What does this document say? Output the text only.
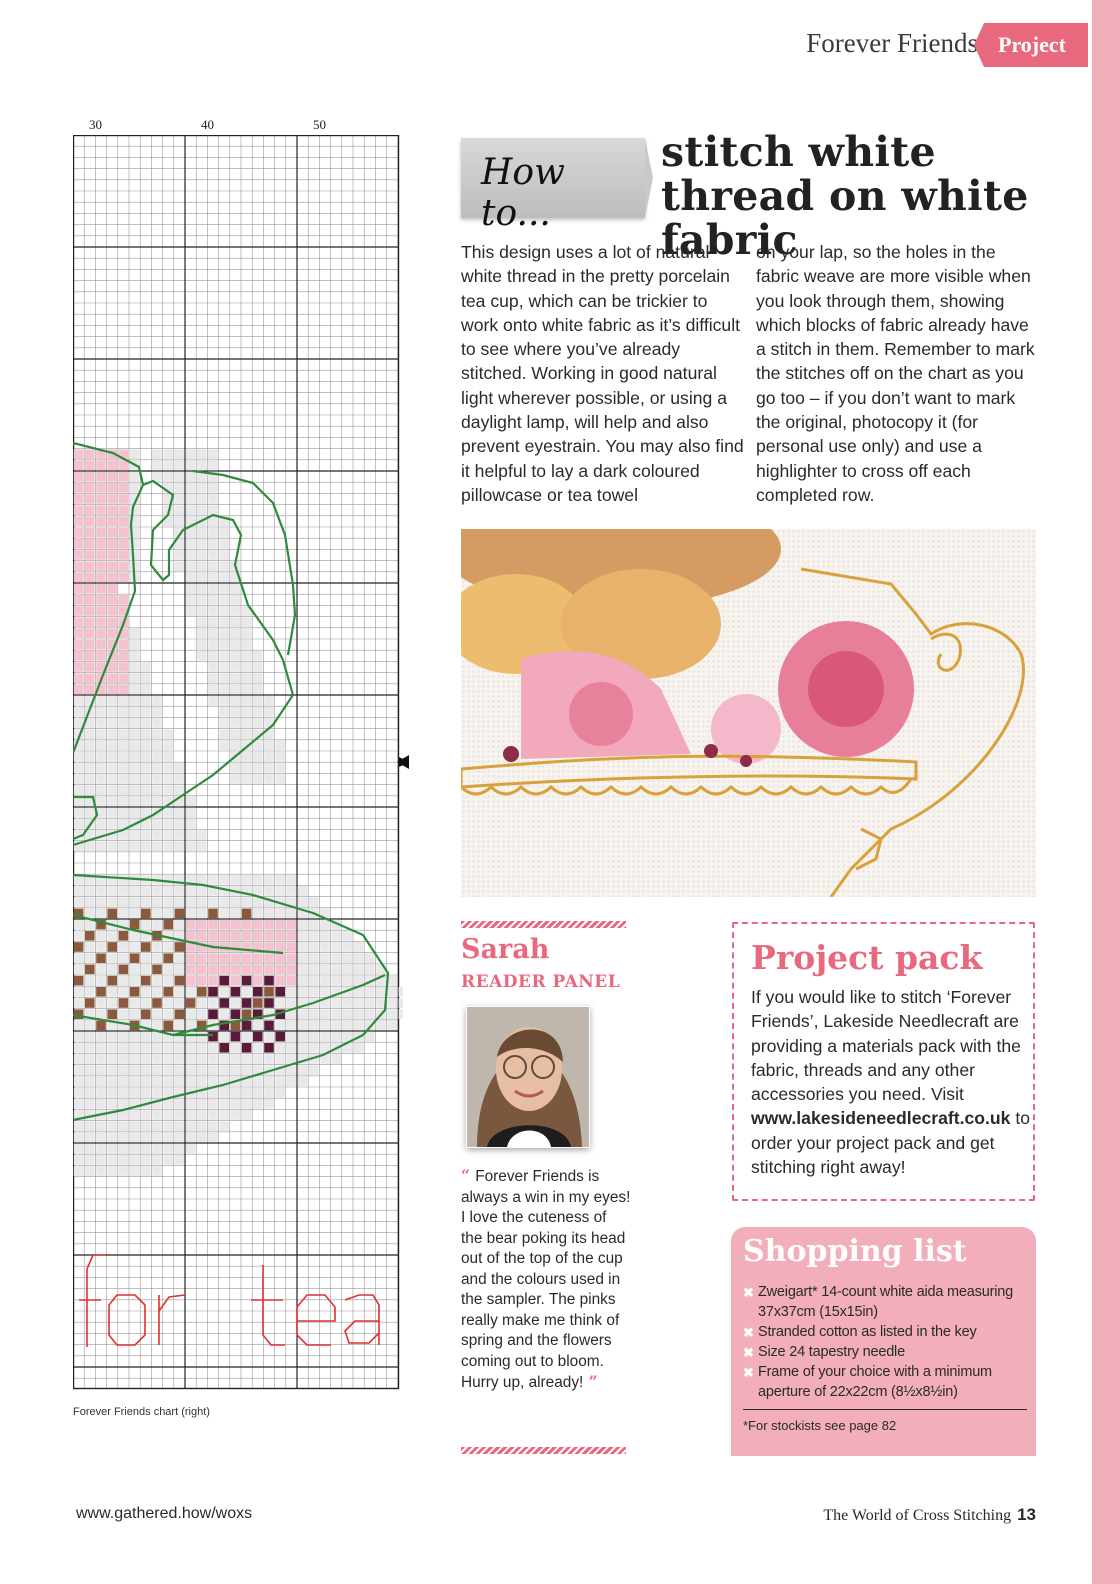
Forever Friends Project
30	40	50
Forever Friends chart (right)
How to...
stitch white thread on white fabric
This design uses a lot of natural white thread in the pretty porcelain tea cup, which can be trickier to work onto white fabric as it’s difficult to see where you’ve already stitched. Working in good natural light wherever possible, or using a daylight lamp, will help and also prevent eyestrain. You may also find it helpful to lay a dark coloured pillowcase or tea towel
on your lap, so the holes in the fabric weave are more visible when you look through them, showing which blocks of fabric already have a stitch in them. Remember to mark the stitches off on the chart as you go too – if you don’t want to mark the original, photocopy it (for personal use only) and use a highlighter to cross off each completed row.
Sarah
READER PANEL
“ Forever Friends is always a win in my eyes! I love the cuteness of the bear poking its head out of the top of the cup and the colours used in the sampler. The pinks really make me think of spring and the flowers coming out to bloom. Hurry up, already! ”
Project pack
If you would like to stitch ‘Forever Friends’, Lakeside Needlecraft are providing a materials pack with the fabric, threads and any other accessories you need. Visit www.lakesideneedlecraft.co.uk to order your project pack and get stitching right away!
Shopping list
✖ Zweigart* 14-count white aida measuring 37x37cm (15x15in)
✖ Stranded cotton as listed in the key
✖ Size 24 tapestry needle
✖ Frame of your choice with a minimum aperture of 22x22cm (8½x8½in)
*For stockists see page 82
www.gathered.how/woxs	The World of Cross Stitching 13
